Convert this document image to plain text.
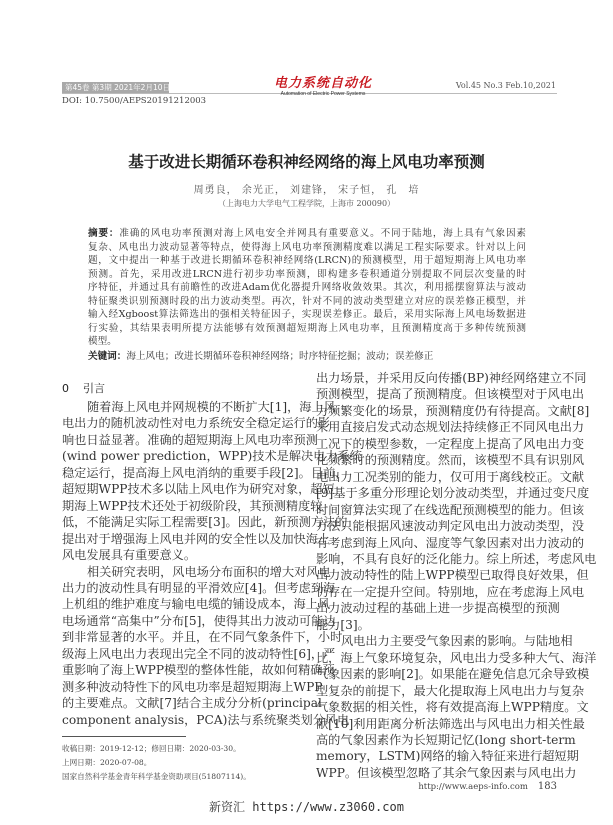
第45卷 第3期 2021年2月10日	电力系统自动化
Automation of Electric Power Systems
Vol.45 No.3 Feb.10,2021
DOI: 10.7500/AEPS20191212003
基于改进长期循环卷积神经网络的海上风电功率预测
周勇良， 余光正， 刘建锋， 宋子恒， 孔　培
（上海电力大学电气工程学院，上海市 200090）
摘要：准确的风电功率预测对海上风电安全并网具有重要意义。不同于陆地，海上具有气象因素
复杂、风电出力波动显著等特点，使得海上风电功率预测精度难以满足工程实际要求。针对以上问
题，文中提出一种基于改进长期循环卷积神经网络(LRCN)的预测模型，用于超短期海上风电功率
预测。首先，采用改进LRCN进行初步功率预测，即构建多卷积通道分别提取不同层次变量的时
序特征，并通过具有前瞻性的改进Adam优化器提升网络收敛效果。其次，利用摇摆窗算法与波动
特征聚类识别预测时段的出力波动类型。再次，针对不同的波动类型建立对应的误差修正模型，并
输入经Xgboost算法筛选出的强相关特征因子，实现误差修正。最后，采用实际海上风电场数据进
行实验，其结果表明所提方法能够有效预测超短期海上风电功率，且预测精度高于多种传统预测
模型。
关键词：海上风电；改进长期循环卷积神经网络；时序特征挖掘；波动；误差修正
0 引言
随着海上风电并网规模的不断扩大[1]，海上风
电出力的随机波动性对电力系统安全稳定运行的影
响也日益显著。准确的超短期海上风电功率预测
(wind power prediction，WPP)技术是解决电力系统
稳定运行，提高海上风电消纳的重要手段[2]。目前，
超短期WPP技术多以陆上风电作为研究对象，超短
期海上WPP技术还处于初级阶段，其预测精度较
低，不能满足实际工程需要[3]。因此，新预测方法的
提出对于增强海上风电并网的安全性以及加快海上
风电发展具有重要意义。
相关研究表明，风电场分布面积的增大对风电
出力的波动性具有明显的平滑效应[4]。但考虑到海
上机组的维护难度与输电电缆的铺设成本，海上风
电场通常“高集中”分布[5]，使得其出力波动可能达
到非常显著的水平。并且，在不同气象条件下，小时
级海上风电出力表现出完全不同的波动特性[6]，严
重影响了海上WPP模型的整体性能，故如何精确预
测多种波动特性下的风电功率是超短期海上WPP
的主要难点。文献[7]结合主成分分析(principal
component analysis，PCA)法与系统聚类划分风电
出力场景，并采用反向传播(BP)神经网络建立不同
预测模型，提高了预测精度。但该模型对于风电出
力频繁变化的场景，预测精度仍有待提高。文献[8]
采用直接启发式动态规划法持续修正不同风电出力
工况下的模型参数，一定程度上提高了风电出力变
化频繁时的预测精度。然而，该模型不具有识别风
电出力工况类别的能力，仅可用于离线校正。文献
[9]基于多重分形理论划分波动类型，并通过变尺度
时间窗算法实现了在线选配预测模型的能力。但该
方法只能根据风速波动判定风电出力波动类型，没
有考虑到海上风向、湿度等气象因素对出力波动的
影响，不具有良好的泛化能力。综上所述，考虑风电
出力波动特性的陆上WPP模型已取得良好效果，但
仍存在一定提升空间。特别地，应在考虑海上风电
出力波动过程的基础上进一步提高模型的预测
能力[3]。
风电出力主要受气象因素的影响。与陆地相
比，海上气象环境复杂，风电出力受多种大气、海洋
气象因素的影响[2]。如果能在避免信息冗余导致模
型复杂的前提下，最大化提取海上风电出力与复杂
气象数据的相关性，将有效提高海上WPP精度。文
献[10]利用距离分析法筛选出与风电出力相关性最
高的气象因素作为长短期记忆(long short-term
memory，LSTM)网络的输入特征来进行超短期
WPP。但该模型忽略了其余气象因素与风电出力
收稿日期：2019-12-12；修回日期：2020-03-30。
上网日期：2020-07-08。
国家自然科学基金青年科学基金资助项目(51807114)。
http://www.aeps-info.com 183
新资汇 https://www.z3060.com
